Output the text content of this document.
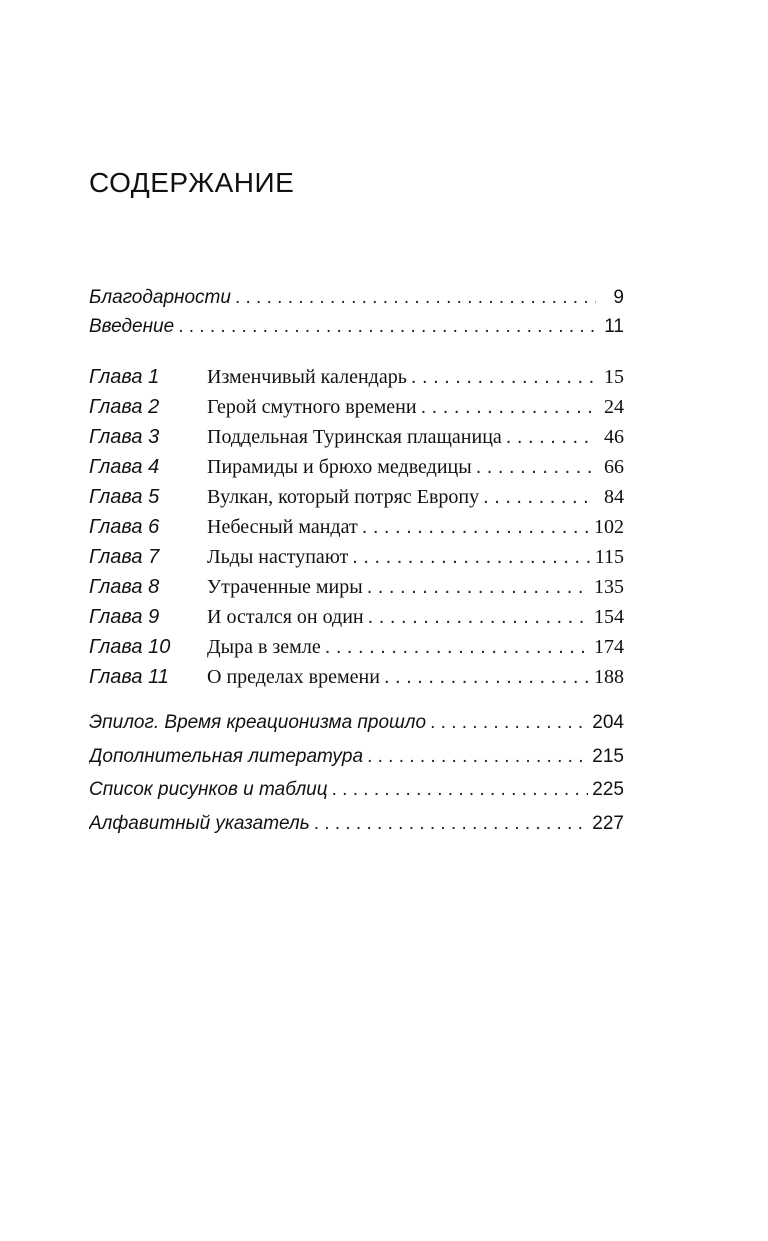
СОДЕРЖАНИЕ
Благодарности . . .	9
Введение . . .	11
Глава 1	Изменчивый календарь . . .	15
Глава 2	Герой смутного времени . . .	24
Глава 3	Поддельная Туринская плащаница . . .	46
Глава 4	Пирамиды и брюхо медведицы . . .	66
Глава 5	Вулкан, который потряс Европу . . .	84
Глава 6	Небесный мандат . . .	102
Глава 7	Льды наступают . . .	115
Глава 8	Утраченные миры . . .	135
Глава 9	И остался он один . . .	154
Глава 10	Дыра в земле . . .	174
Глава 11	О пределах времени . . .	188
Эпилог. Время креационизма прошло . . .	204
Дополнительная литература . . .	215
Список рисунков и таблиц . . .	225
Алфавитный указатель . . .	227
